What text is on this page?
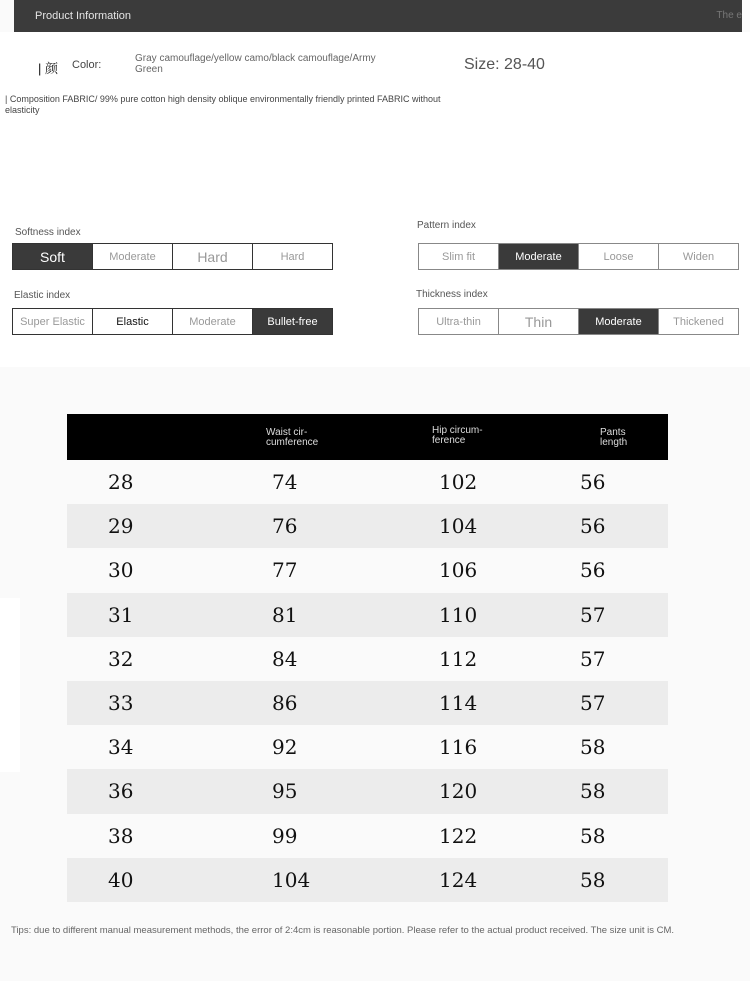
Product Information	The e
| 颜 Color:
Gray camouflage/yellow camo/black camouflage/Army Green	Size: 28-40
| Composition FABRIC/ 99% pure cotton high density oblique environmentally friendly printed FABRIC without elasticity
Softness index
Soft	Moderate	Hard	Hard
Pattern index
Slim fit	Moderate	Loose	Widen
Elastic index
Super Elastic	Elastic	Moderate	Bullet-free
Thickness index
Ultra-thin	Thin	Moderate	Thickened
Waist cir-
cumference
Hip circum-
ference
Pants
length
28	74	102	56
29	76	104	56
30	77	106	56
31	81	110	57
32	84	112	57
33	86	114	57
34	92	116	58
36	95	120	58
38	99	122	58
40	104	124	58
Tips: due to different manual measurement methods, the error of 2:4cm is reasonable portion. Please refer to the actual product received. The size unit is CM.
